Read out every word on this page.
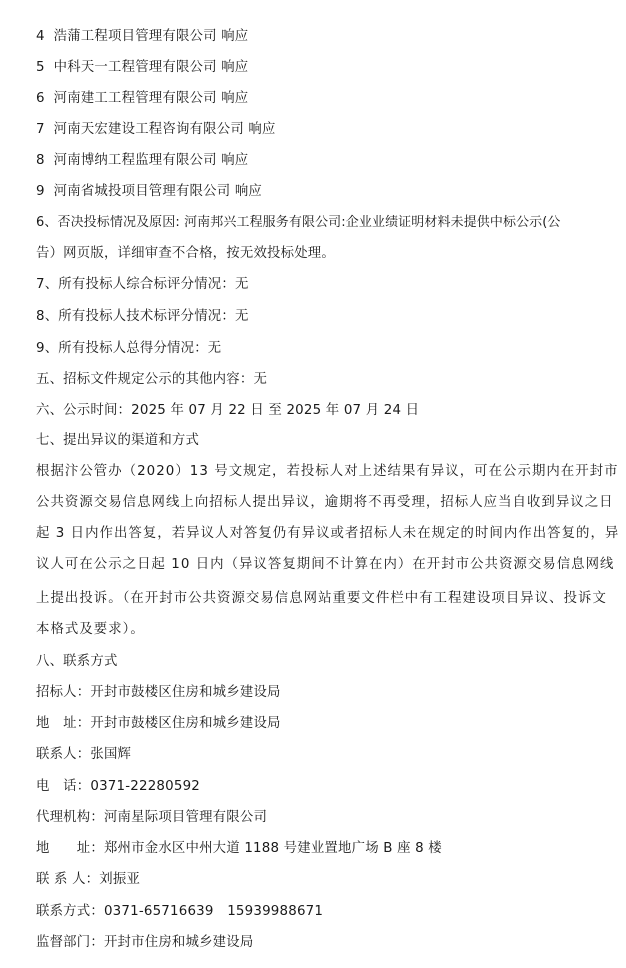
4 浩蒲工程项目管理有限公司 响应
5 中科天一工程管理有限公司 响应
6 河南建工工程管理有限公司 响应
7 河南天宏建设工程咨询有限公司 响应
8 河南博纳工程监理有限公司 响应
9 河南省城投项目管理有限公司 响应
6、否决投标情况及原因: 河南邦兴工程服务有限公司:企业业绩证明材料未提供中标公示(公
告）网页版，详细审查不合格，按无效投标处理。
7、所有投标人综合标评分情况：无
8、所有投标人技术标评分情况：无
9、所有投标人总得分情况：无
五、招标文件规定公示的其他内容：无
六、公示时间：2025 年 07 月 22 日 至 2025 年 07 月 24 日
七、提出异议的渠道和方式
根据汴公管办（2020）13 号文规定，若投标人对上述结果有异议，可在公示期内在开封市
公共资源交易信息网线上向招标人提出异议，逾期将不再受理，招标人应当自收到异议之日
起 3 日内作出答复，若异议人对答复仍有异议或者招标人未在规定的时间内作出答复的，异
议人可在公示之日起 10 日内（异议答复期间不计算在内）在开封市公共资源交易信息网线
上提出投诉。（在开封市公共资源交易信息网站重要文件栏中有工程建设项目异议、投诉文
本格式及要求）。
八、联系方式
招标人：开封市鼓楼区住房和城乡建设局
地　址：开封市鼓楼区住房和城乡建设局
联系人：张国辉
电　话：0371-22280592
代理机构：河南星际项目管理有限公司
地　　址：郑州市金水区中州大道 1188 号建业置地广场 B 座 8 楼
联 系 人：刘振亚
联系方式：0371-65716639　15939988671
监督部门：开封市住房和城乡建设局
